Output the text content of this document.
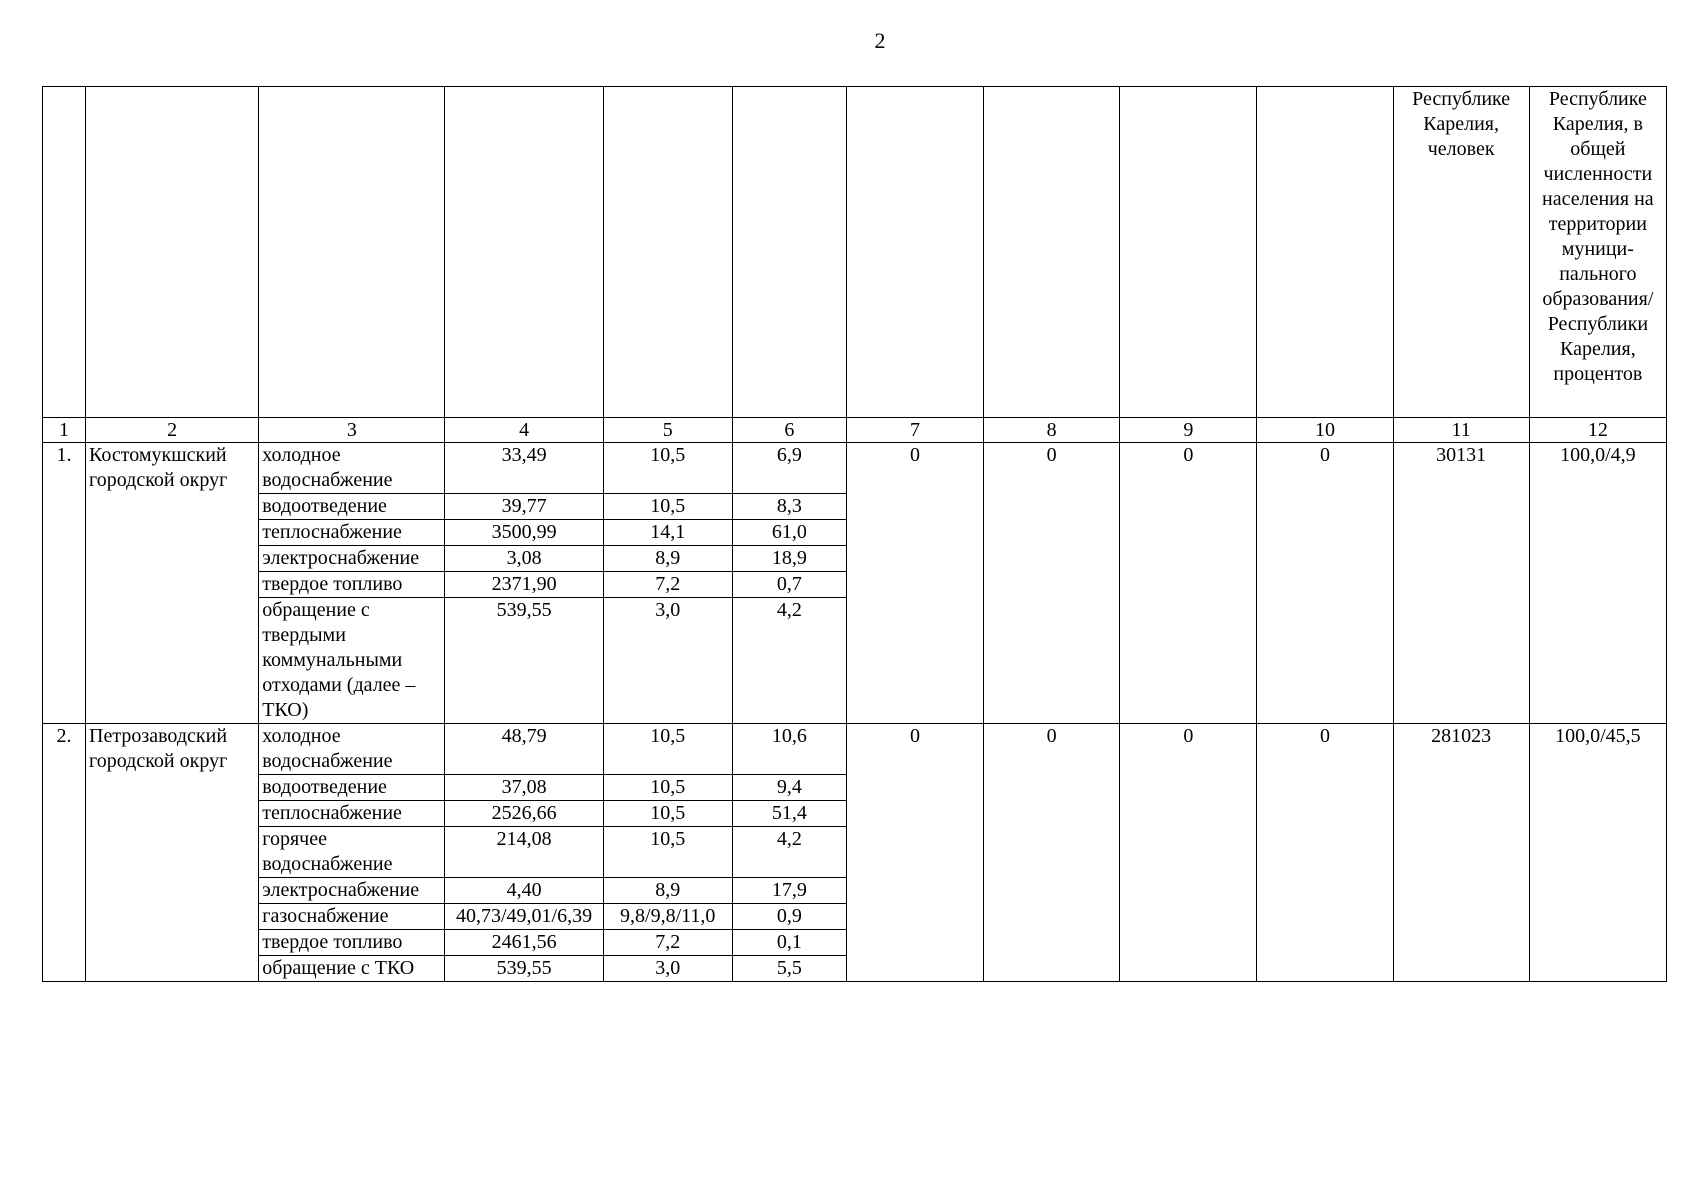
2
										Республике Карелия, человек	Республике Карелия, в общей численности населения на территории муници-пального образования/ Республики Карелия, процентов
1	2	3	4	5	6	7	8	9	10	11	12
1.	Костомукшский городской округ	холодное водоснабжение	33,49	10,5	6,9	0	0	0	0	30131	100,0/4,9
		водоотведение	39,77	10,5	8,3						
		теплоснабжение	3500,99	14,1	61,0						
		электроснабжение	3,08	8,9	18,9						
		твердое топливо	2371,90	7,2	0,7						
		обращение с твердыми коммунальными отходами (далее –ТКО)	539,55	3,0	4,2						
2.	Петрозаводский городской округ	холодное водоснабжение	48,79	10,5	10,6	0	0	0	0	281023	100,0/45,5
		водоотведение	37,08	10,5	9,4						
		теплоснабжение	2526,66	10,5	51,4						
		горячее водоснабжение	214,08	10,5	4,2						
		электроснабжение	4,40	8,9	17,9						
		газоснабжение	40,73/49,01/6,39	9,8/9,8/11,0	0,9						
		твердое топливо	2461,56	7,2	0,1						
		обращение с ТКО	539,55	3,0	5,5						
